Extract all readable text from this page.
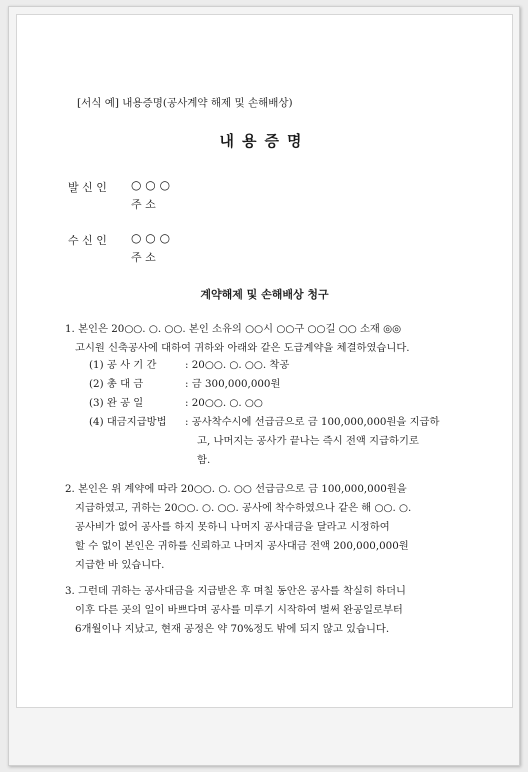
[서식 예] 내용증명(공사계약 해제 및 손해배상)
내용증명
발 신 인 ○ ○ ○
주 소
수 신 인 ○ ○ ○
주 소
계약해제 및 손해배상 청구
1. 본인은 20○○. ○. ○○. 본인 소유의 ○○시 ○○구 ○○길 ○○ 소재 ◎◎
고시원 신축공사에 대하여 귀하와 아래와 같은 도급계약을 체결하였습니다.
(1) 공 사 기 간	: 20○○. ○. ○○. 착공
(2) 총 대 금	: 금 300,000,000원
(3) 완 공 일	: 20○○. ○. ○○
(4) 대금지급방법 : 공사착수시에 선급금으로 금 100,000,000원을 지급하
고, 나머지는 공사가 끝나는 즉시 전액 지급하기로
함.
2. 본인은 위 계약에 따라 20○○. ○. ○○ 선급금으로 금 100,000,000원을
지급하였고, 귀하는 20○○. ○. ○○. 공사에 착수하였으나 같은 해 ○○. ○.
공사비가 없어 공사를 하지 못하니 나머지 공사대금을 달라고 시정하여
할 수 없이 본인은 귀하를 신뢰하고 나머지 공사대금 전액 200,000,000원
지급한 바 있습니다.
3. 그런데 귀하는 공사대금을 지급받은 후 며칠 동안은 공사를 착실히 하더니
이후 다른 곳의 일이 바쁘다며 공사를 미루기 시작하여 벌써 완공일로부터
6개월이나 지났고, 현재 공정은 약 70%정도 밖에 되지 않고 있습니다.
